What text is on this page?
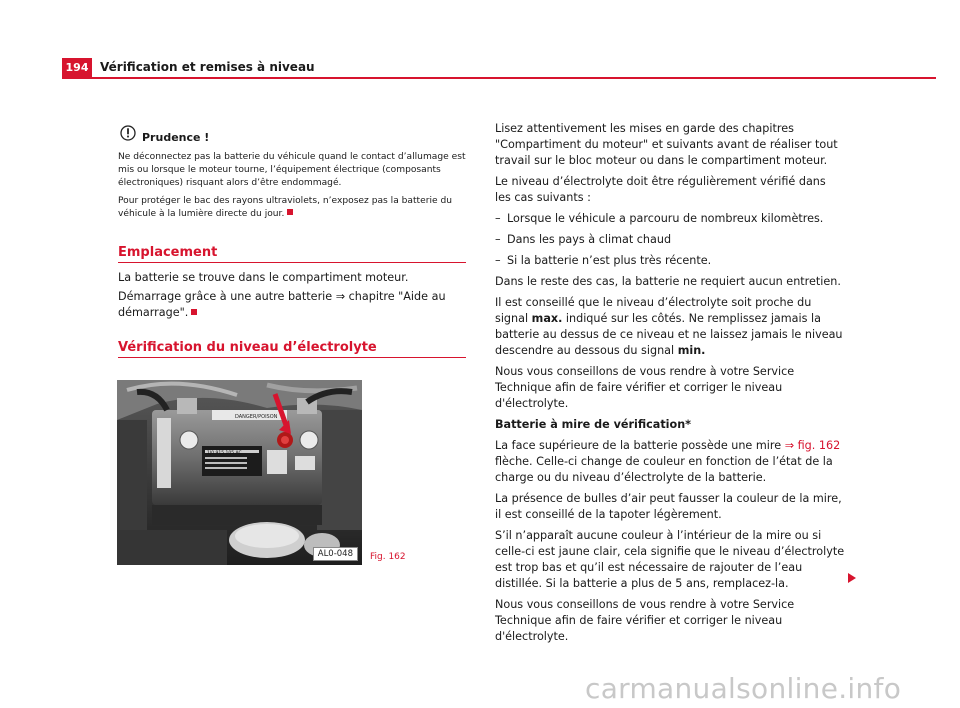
194 Vérification et remises à niveau
Prudence !
Ne déconnectez pas la batterie du véhicule quand le contact d’allumage est mis ou lorsque le moteur tourne, l’équipement électrique (composants électroniques) risquant alors d’être endommagé.
Pour protéger le bac des rayons ultraviolets, n’exposez pas la batterie du véhicule à la lumière directe du jour.
Emplacement
La batterie se trouve dans le compartiment moteur.
Démarrage grâce à une autre batterie ⇒ chapitre "Aide au démarrage".
Vérification du niveau d’électrolyte
DANGER/POISON
1J0 915 105 AC
AL0-048	Fig. 162

Lisez attentivement les mises en garde des chapitres "Compartiment du moteur" et suivants avant de réaliser tout travail sur le bloc moteur ou dans le compartiment moteur.

Le niveau d’électrolyte doit être régulièrement vérifié dans les cas suivants :

– Lorsque le véhicule a parcouru de nombreux kilomètres.
– Dans les pays à climat chaud
– Si la batterie n’est plus très récente.

Dans le reste des cas, la batterie ne requiert aucun entretien.

Il est conseillé que le niveau d’électrolyte soit proche du signal max. indiqué sur les côtés. Ne remplissez jamais la batterie au dessus de ce niveau et ne laissez jamais le niveau descendre au dessous du signal min.

Nous vous conseillons de vous rendre à votre Service Technique afin de faire vérifier et corriger le niveau d'électrolyte.

Batterie à mire de vérification*

La face supérieure de la batterie possède une mire ⇒ fig. 162 flèche. Celle-ci change de couleur en fonction de l’état de la charge ou du niveau d’électrolyte de la batterie.

La présence de bulles d’air peut fausser la couleur de la mire, il est conseillé de la tapoter légèrement.

S’il n’apparaît aucune couleur à l’intérieur de la mire ou si celle-ci est jaune clair, cela signifie que le niveau d’électrolyte est trop bas et qu’il est nécessaire de rajouter de l’eau distillée. Si la batterie a plus de 5 ans, remplacez-la.

Nous vous conseillons de vous rendre à votre Service Technique afin de faire vérifier et corriger le niveau d'électrolyte.

carmanualsonline.info
